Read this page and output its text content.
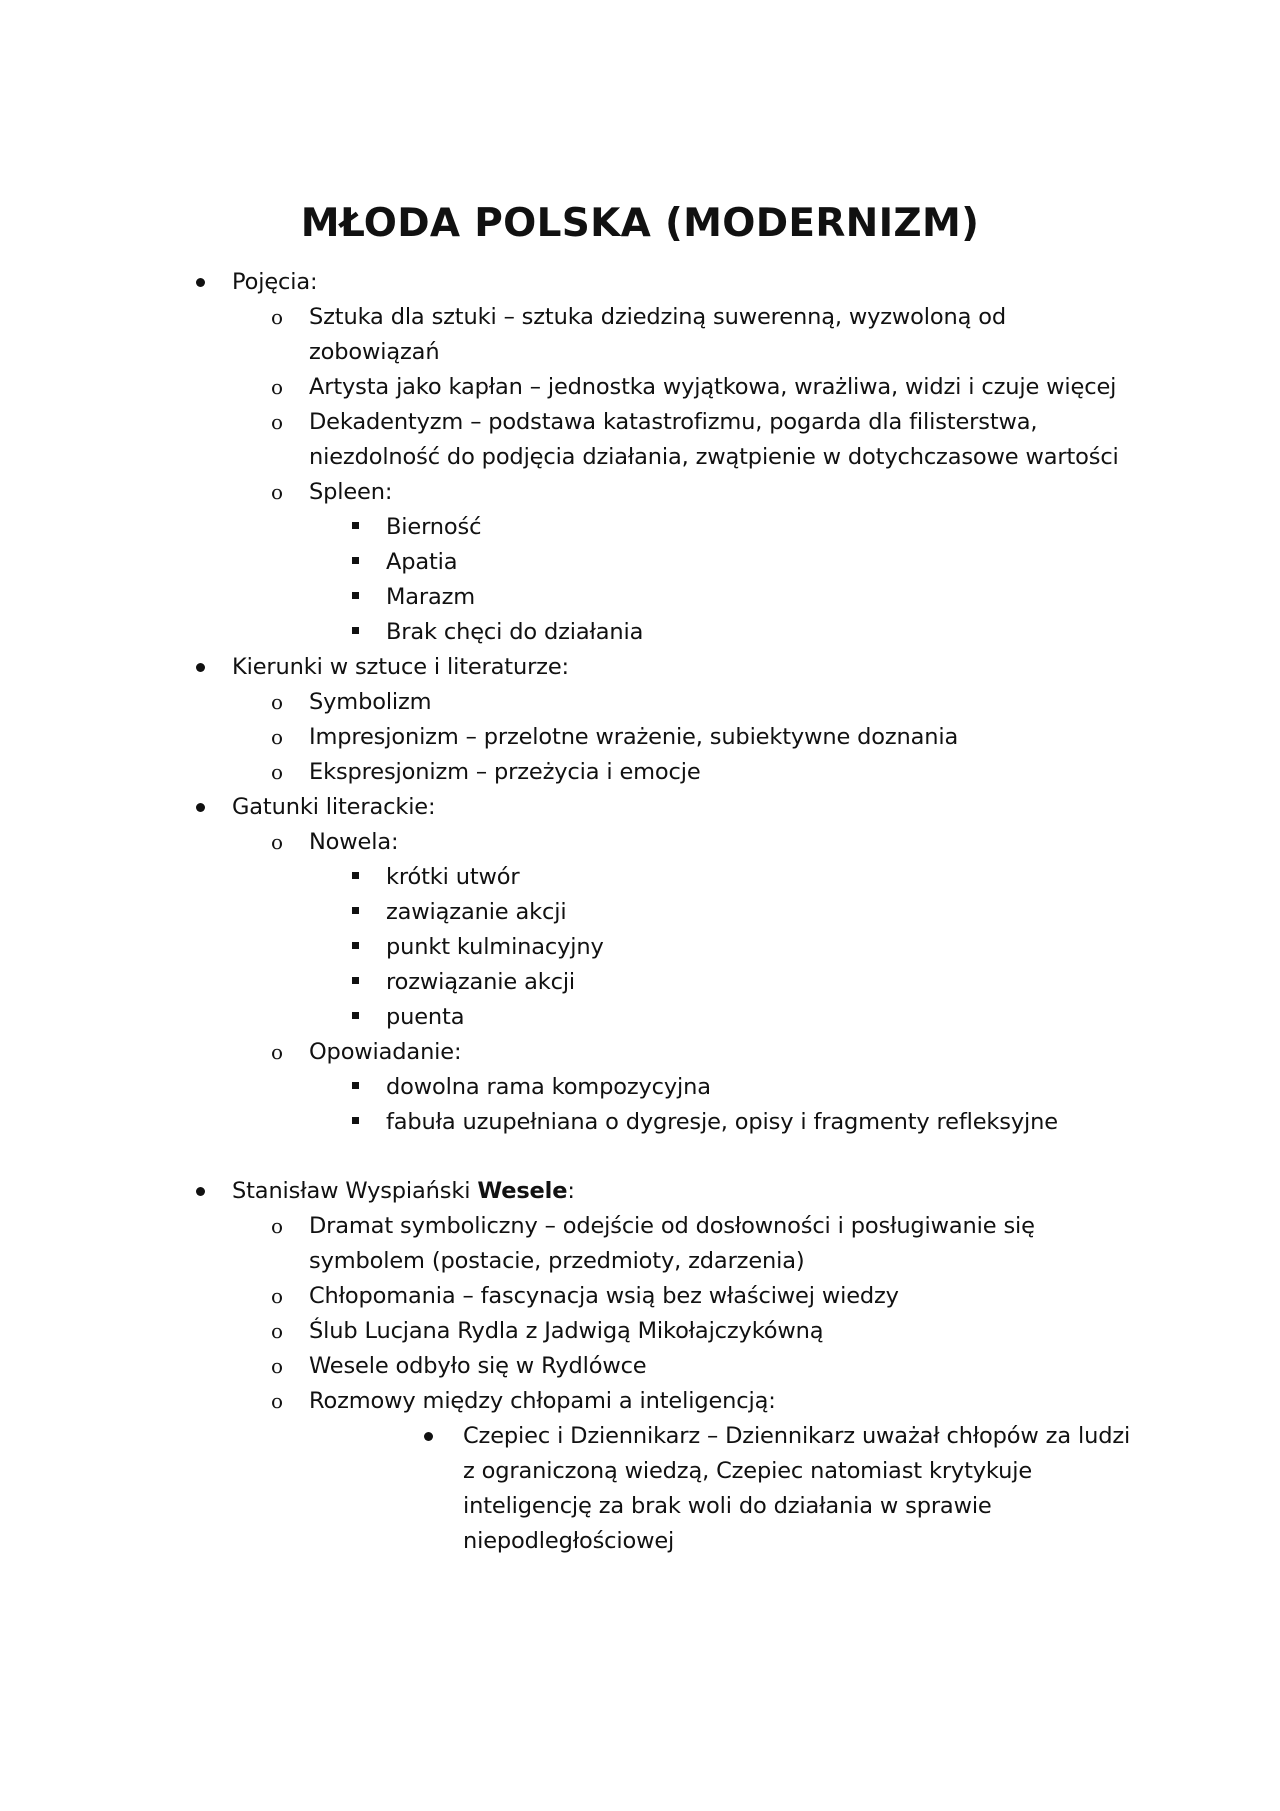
MŁODA POLSKA (MODERNIZM)
Pojęcia:
o Sztuka dla sztuki – sztuka dziedziną suwerenną, wyzwoloną od
zobowiązań
o Artysta jako kapłan – jednostka wyjątkowa, wrażliwa, widzi i czuje więcej
o Dekadentyzm – podstawa katastrofizmu, pogarda dla filisterstwa,
niezdolność do podjęcia działania, zwątpienie w dotychczasowe wartości
o Spleen:
Bierność
Apatia
Marazm
Brak chęci do działania
Kierunki w sztuce i literaturze:
o Symbolizm
o Impresjonizm – przelotne wrażenie, subiektywne doznania
o Ekspresjonizm – przeżycia i emocje
Gatunki literackie:
o Nowela:
krótki utwór
zawiązanie akcji
punkt kulminacyjny
rozwiązanie akcji
puenta
o Opowiadanie:
dowolna rama kompozycyjna
fabuła uzupełniana o dygresje, opisy i fragmenty refleksyjne
Stanisław Wyspiański Wesele:
o Dramat symboliczny – odejście od dosłowności i posługiwanie się
symbolem (postacie, przedmioty, zdarzenia)
o Chłopomania – fascynacja wsią bez właściwej wiedzy
o Ślub Lucjana Rydla z Jadwigą Mikołajczykówną
o Wesele odbyło się w Rydlówce
o Rozmowy między chłopami a inteligencją:
Czepiec i Dziennikarz – Dziennikarz uważał chłopów za ludzi
z ograniczoną wiedzą, Czepiec natomiast krytykuje
inteligencję za brak woli do działania w sprawie
niepodległościowej
